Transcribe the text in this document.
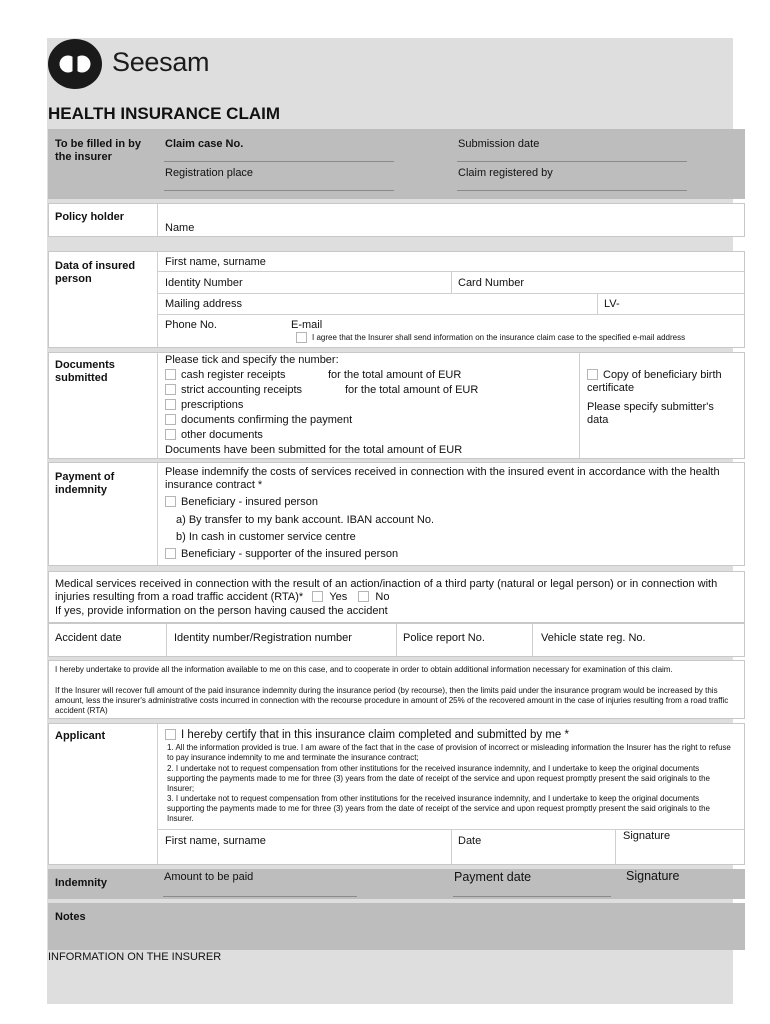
Seesam
HEALTH INSURANCE CLAIM
To be filled in by the insurer
Claim case No.	Submission date
Registration place	Claim registered by
Policy holder
Name
Data of insured person
First name, surname
Identity Number	Card Number
Mailing address	LV-
Phone No.	E-mail
I agree that the Insurer shall send information on the insurance claim case to the specified e-mail address
Documents submitted
Please tick and specify the number:
cash register receipts	for the total amount of EUR
strict accounting receipts	for the total amount of EUR
prescriptions
documents confirming the payment
other documents
Documents have been submitted for the total amount of EUR
Copy of beneficiary birth certificate
Please specify submitter's data
Payment of indemnity
Please indemnify the costs of services received in connection with the insured event in accordance with the health insurance contract *
Beneficiary - insured person
a) By transfer to my bank account. IBAN account No.
b) In cash in customer service centre
Beneficiary - supporter of the insured person
Medical services received in connection with the result of an action/inaction of a third party (natural or legal person) or in connection with injuries resulting from a road traffic accident (RTA)* Yes	No
If yes, provide information on the person having caused the accident
Accident date	Identity number/Registration number	Police report No.	Vehicle state reg. No.
I hereby undertake to provide all the information available to me on this case, and to cooperate in order to obtain additional information necessary for examination of this claim.
If the Insurer will recover full amount of the paid insurance indemnity during the insurance period (by recourse), then the limits paid under the insurance program would be increased by this amount, less the insurer's administrative costs incurred in connection with the recourse procedure in amount of 25% of the recovered amount in the case of injuries resulting from a road traffic accident (RTA)
Applicant	I hereby certify that in this insurance claim completed and submitted by me *
1. All the information provided is true. I am aware of the fact that in the case of provision of incorrect or misleading information the Insurer has the right to refuse to pay insurance indemnity to me and terminate the insurance contract;
2. I undertake not to request compensation from other institutions for the received insurance indemnity, and I undertake to keep the original documents supporting the payments made to me for three (3) years from the date of receipt of the service and upon request promptly present the said originals to the Insurer;
3. I undertake not to request compensation from other institutions for the received insurance indemnity, and I undertake to keep the original documents supporting the payments made to me for three (3) years from the date of receipt of the service and upon request promptly present the said originals to the Insurer.
First name, surname	Date	Signature
Indemnity	Amount to be paid	Payment date	Signature
Notes
INFORMATION ON THE INSURER
